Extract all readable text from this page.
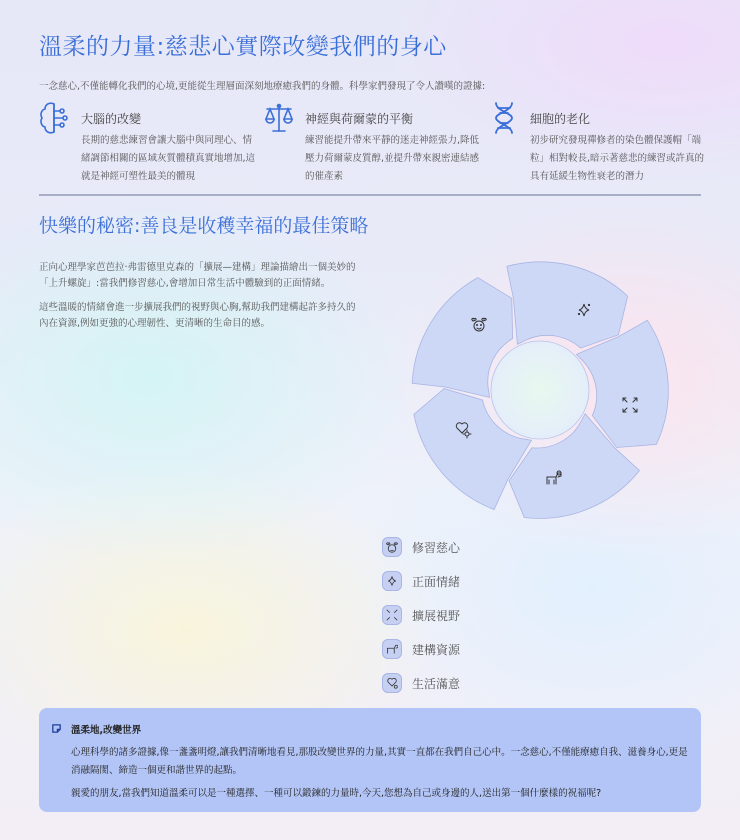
溫柔的力量:慈悲心實際改變我們的身心
一念慈心,不僅能轉化我們的心境,更能從生理層面深刻地療癒我們的身體。科學家們發現了令人讚嘆的證據:
大腦的改變
長期的慈悲練習會讓大腦中與同理心、情緒調節相關的區域灰質體積真實地增加,這就是神經可塑性最美的體現
神經與荷爾蒙的平衡
練習能提升帶來平靜的迷走神經張力,降低壓力荷爾蒙皮質醇,並提升帶來親密連結感的催產素
細胞的老化
初步研究發現禪修者的染色體保護帽「端粒」相對較長,暗示著慈悲的練習或許真的具有延緩生物性衰老的潛力
快樂的秘密:善良是收穫幸福的最佳策略
正向心理學家芭芭拉·弗雷德里克森的「擴展—建構」理論描繪出一個美妙的「上升螺旋」:當我們修習慈心,會增加日常生活中體驗到的正面情緒。
這些溫暖的情緒會進一步擴展我們的視野與心胸,幫助我們建構起許多持久的內在資源,例如更強的心理韌性、更清晰的生命目的感。
修習慈心
正面情緒
擴展視野
建構資源
生活滿意
溫柔地,改變世界
心理科學的諸多證據,像一盞盞明燈,讓我們清晰地看見,那股改變世界的力量,其實一直都在我們自己心中。一念慈心,不僅能療癒自我、滋養身心,更是消融隔閡、締造一個更和諧世界的起點。
親愛的朋友,當我們知道溫柔可以是一種選擇、一種可以鍛鍊的力量時,今天,您想為自己或身邊的人,送出第一個什麼樣的祝福呢?
